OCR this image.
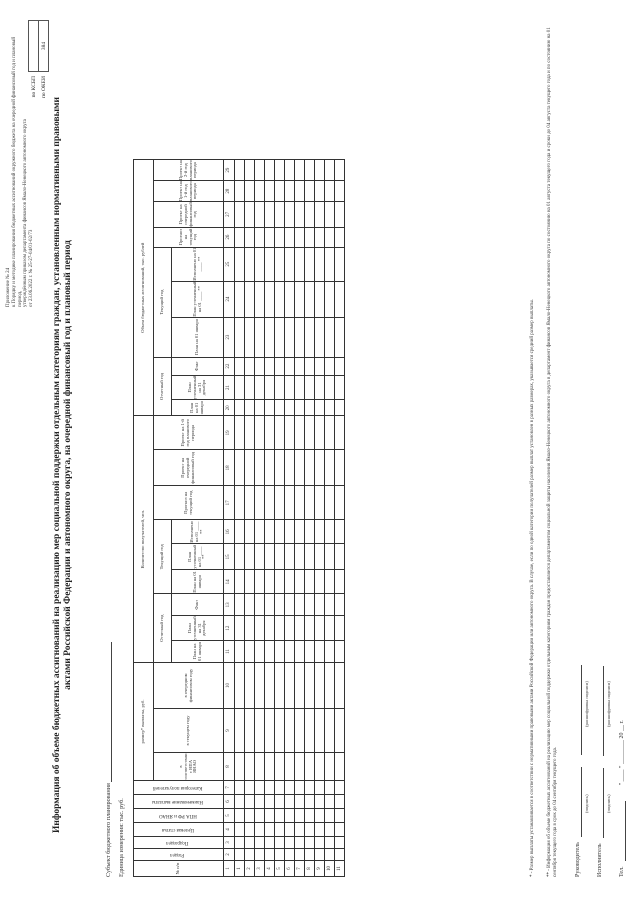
Приложение № 24 к Порядку и методике планирования бюджетных ассигнований окружного бюджета на очередной финансовый год и плановый период, утверждённым приказом департамента финансов Ямало-Ненецкого автономного округа от 23.06.2022 г. № 25-27-04/01-02/73 Информация об объеме бюджетных ассигнований на реализацию мер социальной поддержки отдельным категориям граждан, установленным нормативными правовыми актами Российской Федерации и автономного округа, на очередной финансовый год и плановый период
по КСБП	
по ОКЕИ	384
Субъект бюджетного планирования Единица измерения: тыс. руб.	№ п/п	Раздел	Подраздел	Целевая статья	НПА РФ и ЯНАО	Наименование выплаты	Категория получателей	размер* выплаты, руб.			Количество получателей, чел.									Объем бюджетных ассигнований, тыс. рублей									
							в соответствии с НПА ЯНАО	в текущем году	в очередном финансовом году	Отчетный год			Текущий год			Прогноз на текущий год	Проект на очередной финансовый год	Проект на 1-й год планового периода	Отчетный год			Текущий год			Прогноз на текущий год	Проект на очередной финансовый год	Проект на 1-й год планового периода	Проект на 2-й год планового периода
										План на 01 января	План уточненный на 31 декабря	Факт	План на 01 января	План уточненный на 01 ____ **	Исполнено на 01 ____ **				План на 01 января	План уточненный на 31 декабря	Факт	План на 01 января	План уточненный на 01 ____ **	Исполнено на 01 ____ **				
1	2	3	4	5	6	7	8	9	10	11	12	13	14	15	16	17	18	19	20	21	22	23	24	25	26	27	28	29
1																												
2																												
3																												
4																												
5																												
6																												
7																												
8																												
9																												
10																												
11																													* - Размер выплаты устанавливается в соответствии с нормативными правовыми актами Российской Федерации или автономного округа. В случае, если по одной категории получателей размер выплат установлен в разных размерах, указывается средний размер выплаты. ** - Информация об объеме бюджетных ассигнований на реализацию мер социальной поддержки отдельным категориям граждан предоставляется департаментом социальной защиты населения Ямало-Ненецкого автономного округа в департамент финансов Ямало-Ненецкого автономного округа по состоянию на 01 августа текущего года и сроки до 04 августа текущего года и по состоянию на 01 сентября текущего года в срок до 04 сентября текущего года.	Руководитель
(подпись)
(расшифровка подписи)
Исполнитель
(подпись)
(расшифровка подписи)
Тел.  " ____ " ________ 20 __ г.
